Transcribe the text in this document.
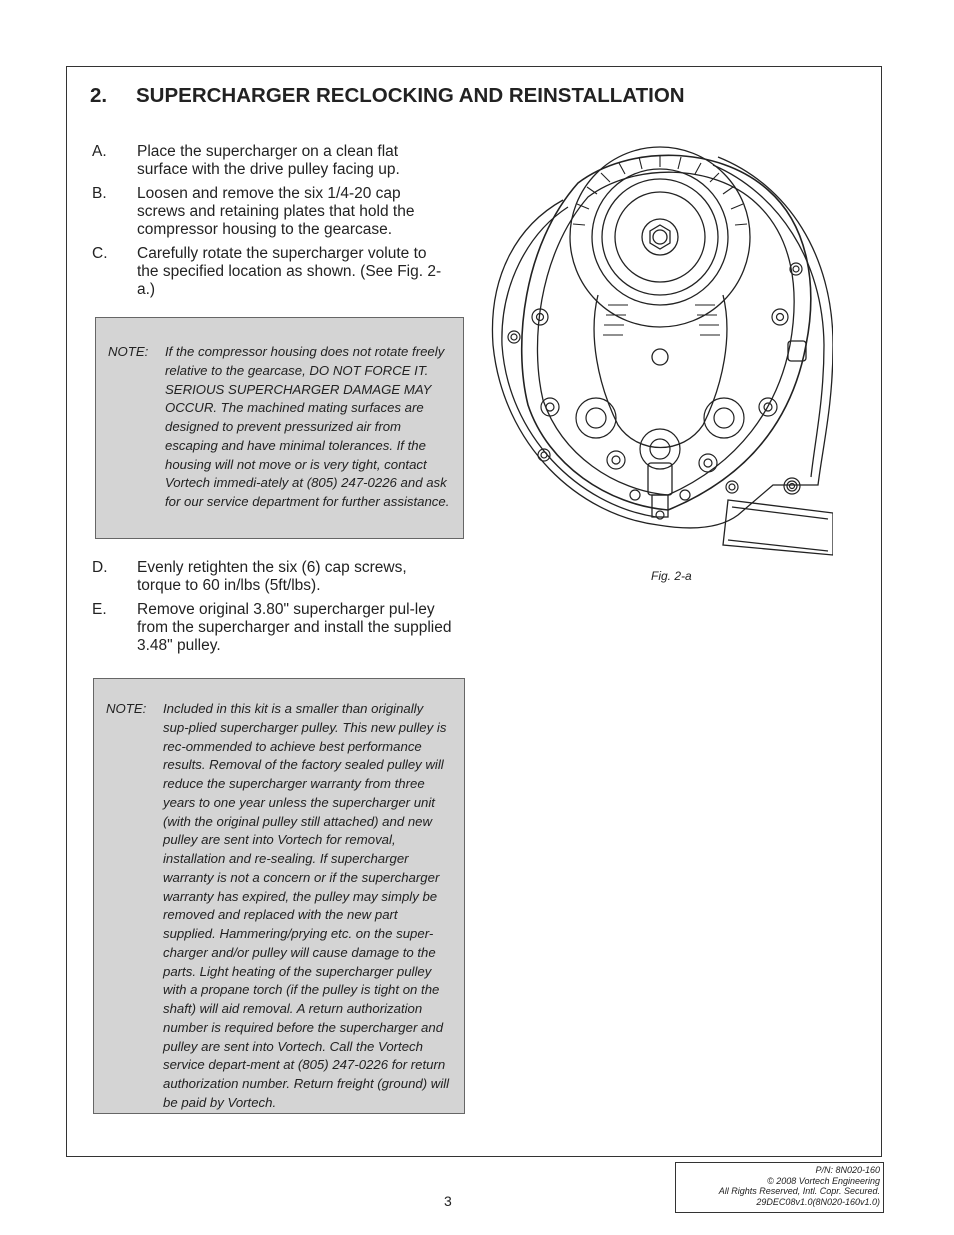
2. SUPERCHARGER RECLOCKING AND REINSTALLATION
A.	Place the supercharger on a clean flat surface with the drive pulley facing up.
B.	Loosen and remove the six 1/4-20 cap screws and retaining plates that hold the compressor housing to the gearcase.
C.	Carefully rotate the supercharger volute to the specified location as shown. (See Fig. 2-a.)
NOTE:	If the compressor housing does not rotate freely relative to the gearcase, DO NOT FORCE IT. SERIOUS SUPERCHARGER DAMAGE MAY OCCUR. The machined mating surfaces are designed to prevent pressurized air from escaping and have minimal tolerances. If the housing will not move or is very tight, contact Vortech immedi-ately at (805) 247-0226 and ask for our service department for further assistance.
D.	Evenly retighten the six (6) cap screws, torque to 60 in/lbs (5ft/lbs).
E.	Remove original 3.80" supercharger pul-ley from the supercharger and install the supplied 3.48" pulley.
NOTE:	Included in this kit is a smaller than originally sup-plied supercharger pulley. This new pulley is rec-ommended to achieve best performance results. Removal of the factory sealed pulley will reduce the supercharger warranty from three years to one year unless the supercharger unit (with the original pulley still attached) and new pulley are sent into Vortech for removal, installation and re-sealing. If supercharger warranty is not a concern or if the supercharger warranty has expired, the pulley may simply be removed and replaced with the new part supplied. Hammering/prying etc. on the super-charger and/or pulley will cause damage to the parts. Light heating of the supercharger pulley with a propane torch (if the pulley is tight on the shaft) will aid removal. A return authorization number is required before the supercharger and pulley are sent into Vortech. Call the Vortech service depart-ment at (805) 247-0226 for return authorization number. Return freight (ground) will be paid by Vortech.
Fig. 2-a
3
P/N: 8N020-160
© 2008 Vortech Engineering
All Rights Reserved, Intl. Copr. Secured.
29DEC08v1.0(8N020-160v1.0)
